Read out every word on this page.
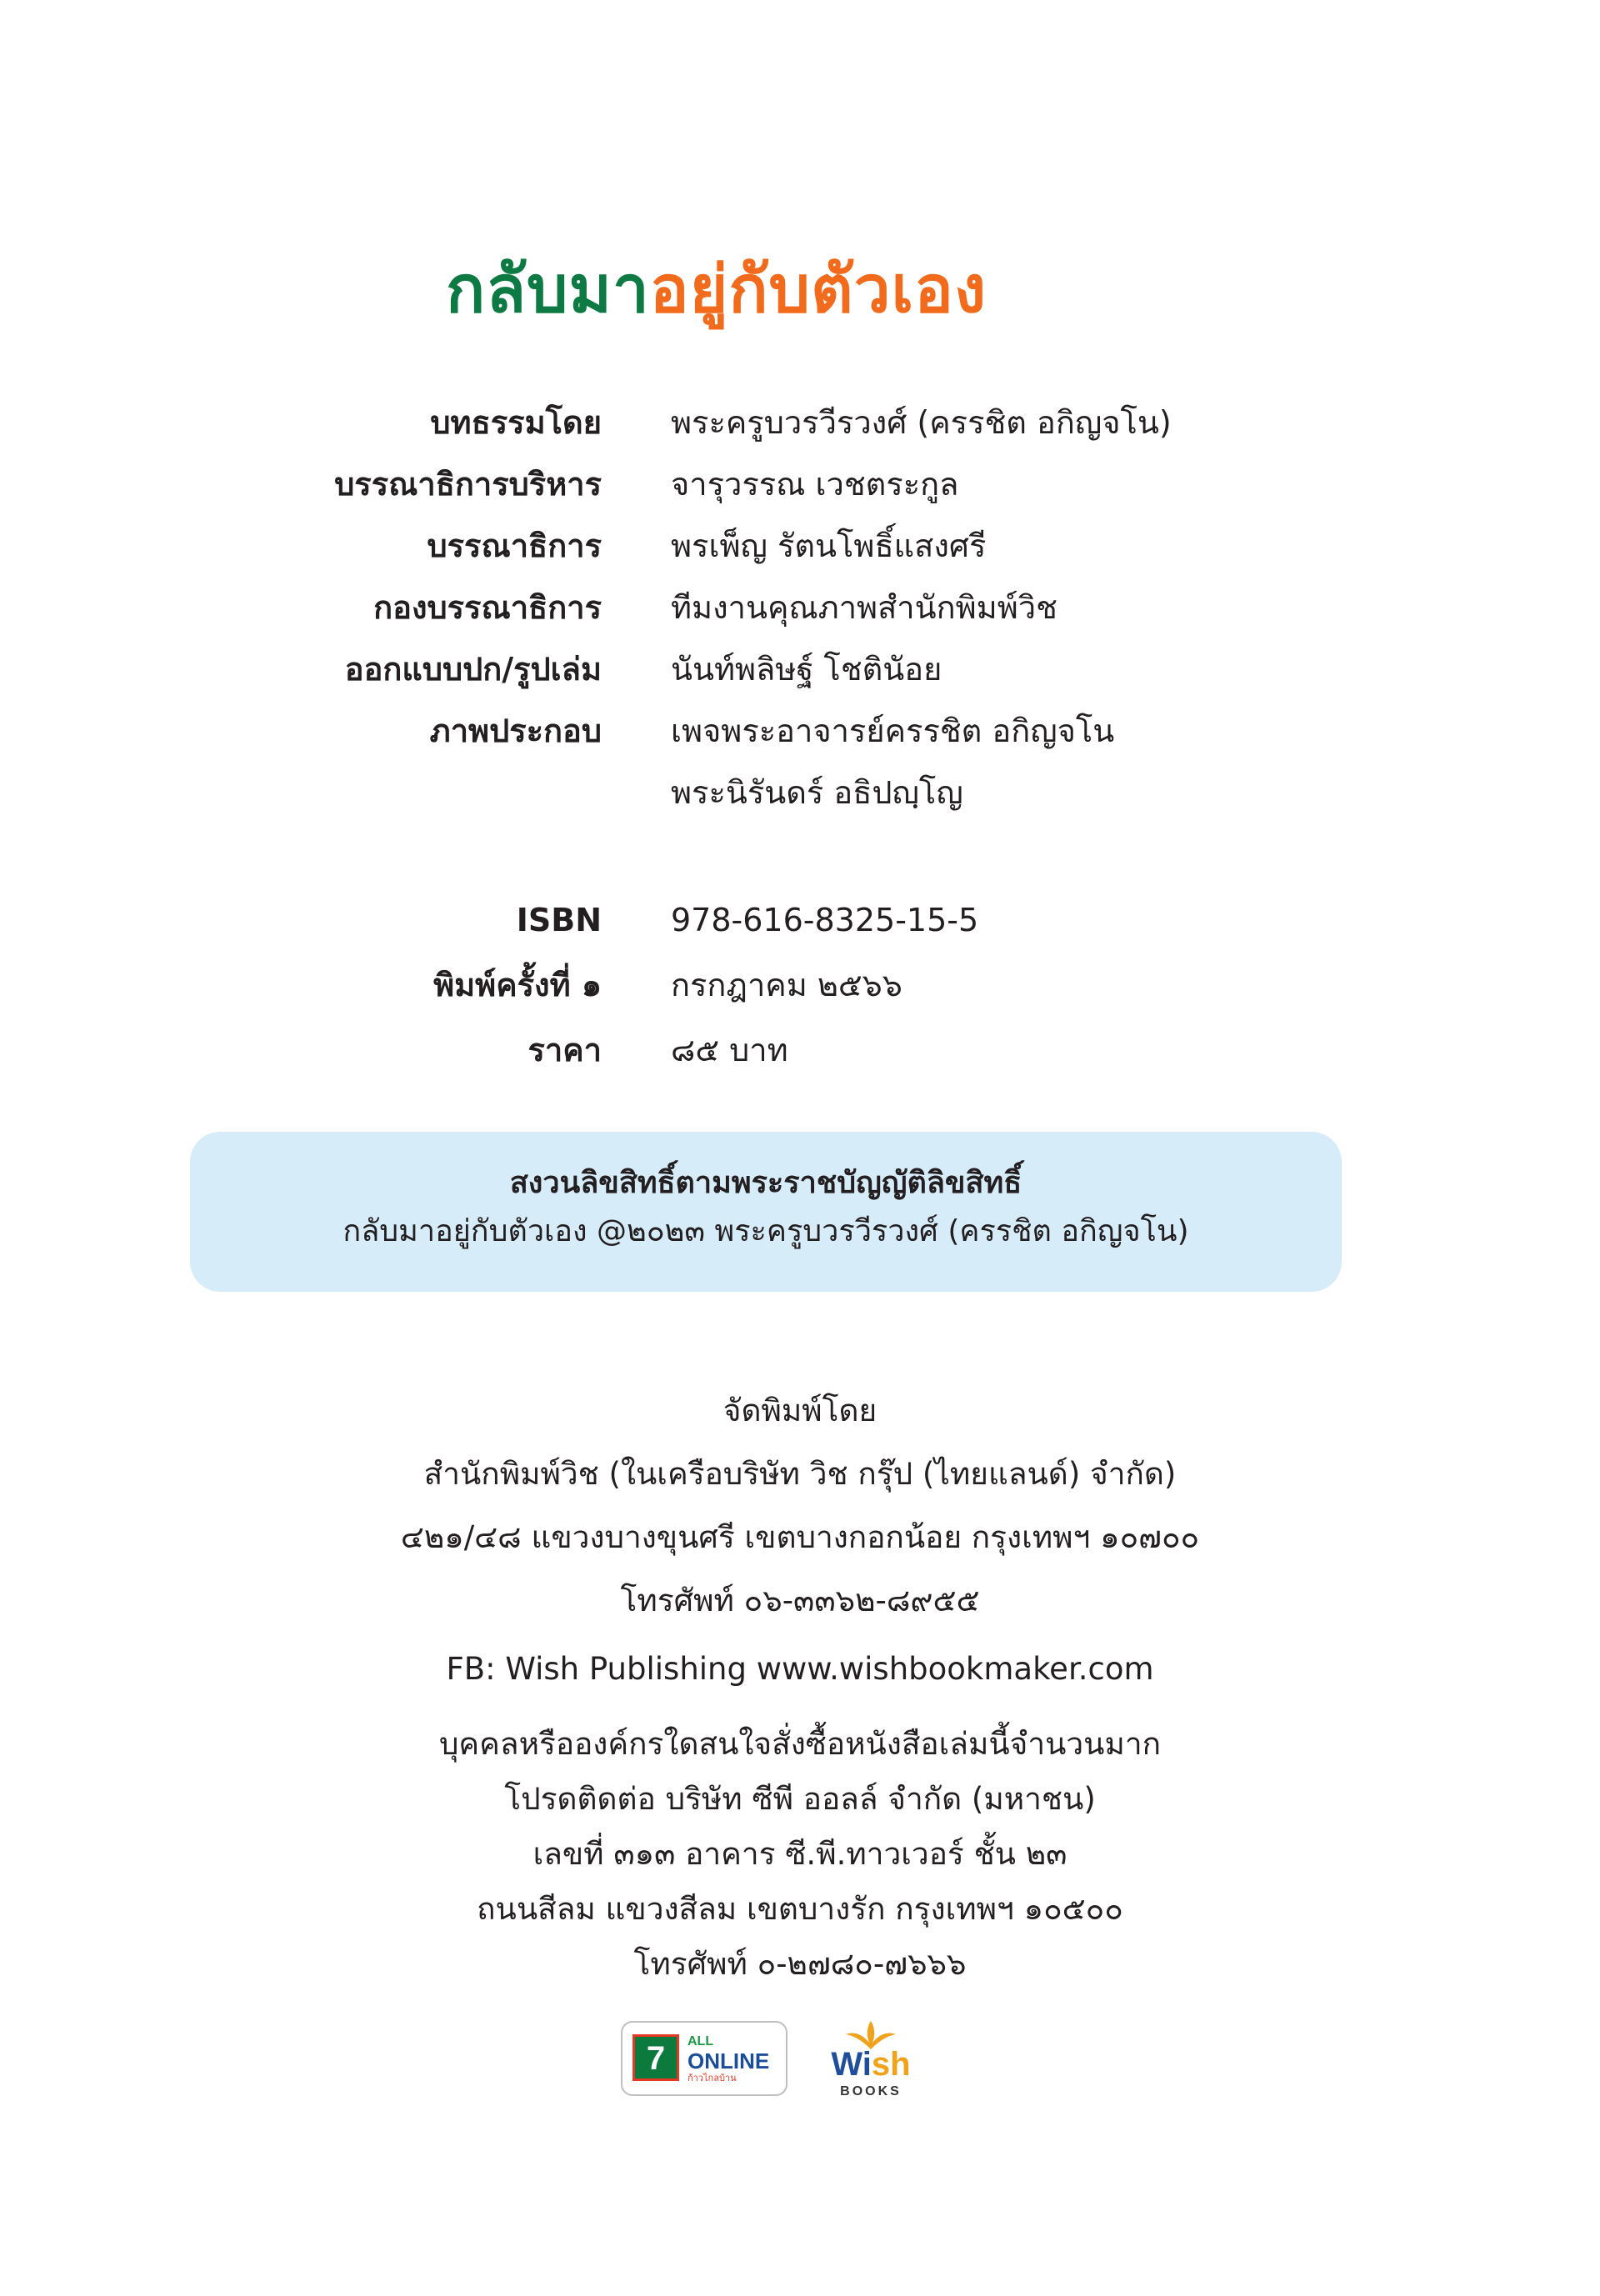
กลับมาอยู่กับตัวเอง
บทธรรมโดย พระครูบวรวีรวงศ์ (ครรชิต อกิญจโน)
บรรณาธิการบริหาร จารุวรรณ เวชตระกูล
บรรณาธิการ พรเพ็ญ รัตนโพธิ์แสงศรี
กองบรรณาธิการ ทีมงานคุณภาพสำนักพิมพ์วิช
ออกแบบปก/รูปเล่ม นันท์พลิษฐ์ โชตินัอย
ภาพประกอบ เพจพระอาจารย์ครรชิต อกิญจโน
พระนิรันดร์ อธิปญฺโญ
ISBN 978-616-8325-15-5
พิมพ์ครั้งที่ ๑ กรกฎาคม ๒๕๖๖
ราคา ๘๕ บาท
สงวนลิขสิทธิ์ตามพระราชบัญญัติลิขสิทธิ์
กลับมาอยู่กับตัวเอง @๒๐๒๓ พระครูบวรวีรวงศ์ (ครรชิต อกิญจโน)
จัดพิมพ์โดย
สำนักพิมพ์วิช (ในเครือบริษัท วิช กรุ๊ป (ไทยแลนด์) จำกัด)
๔๒๑/๔๘ แขวงบางขุนศรี เขตบางกอกน้อย กรุงเทพฯ ๑๐๗๐๐
โทรศัพท์ ๐๖-๓๓๖๒-๘๙๕๕
FB: Wish Publishing www.wishbookmaker.com
บุคคลหรือองค์กรใดสนใจสั่งซื้อหนังสือเล่มนี้จำนวนมาก
โปรดติดต่อ บริษัท ซีพี ออลล์ จำกัด (มหาชน)
เลขที่ ๓๑๓ อาคาร ซี.พี.ทาวเวอร์ ชั้น ๒๓
ถนนสีลม แขวงสีลม เขตบางรัก กรุงเทพฯ ๑๐๕๐๐
โทรศัพท์ ๐-๒๗๘๐-๗๖๖๖
7	ALL
ONLINE
ก้าวไกลบ้าน	Wish
BOOKS
